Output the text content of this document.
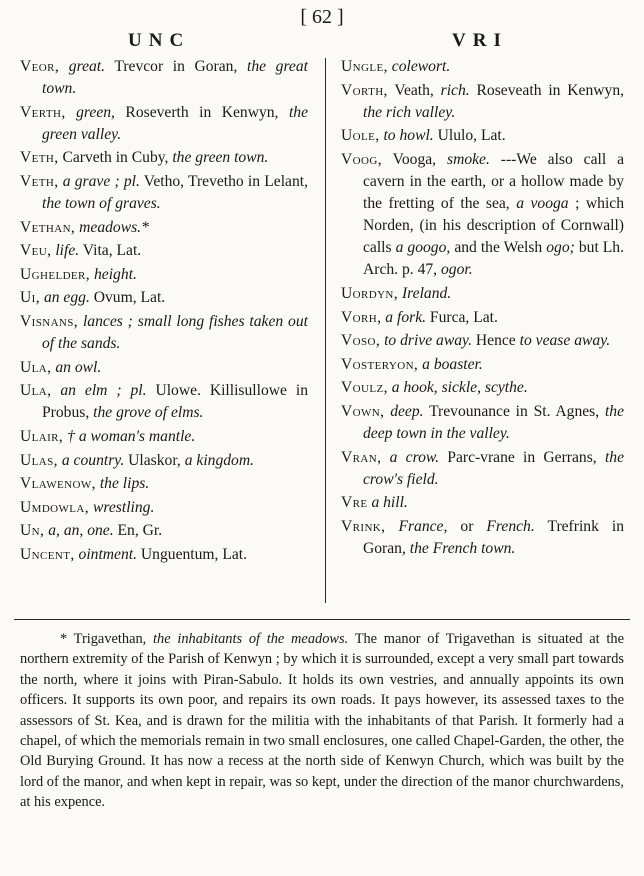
[ 62 ]
UNC	VRI

Veor, great. Trevcor in Goran, the great town.

Verth, green, Roseverth in Kenwyn, the green valley.

Veth, Carveth in Cuby, the green town.

Veth, a grave ; pl. Vetho, Trevetho in Lelant, the town of graves.

Vethan, meadows.*

Veu, life. Vita, Lat.

Ughelder, height.

Ui, an egg. Ovum, Lat.

Visnans, lances ; small long fishes taken out of the sands.

Ula, an owl.

Ula, an elm ; pl. Ulowe. Killisullowe in Probus, the grove of elms.

Ulair, † a woman's mantle.

Ulas, a country. Ulaskor, a kingdom.

Vlawenow, the lips.

Umdowla, wrestling.

Un, a, an, one. En, Gr.

Uncent, ointment. Unguentum, Lat.

Ungle, colewort.

Vorth, Veath, rich. Roseveath in Kenwyn, the rich valley.

Uole, to howl. Ululo, Lat.

Voog, Vooga, smoke. ---We also call a cavern in the earth, or a hollow made by the fretting of the sea, a vooga ; which Norden, (in his description of Cornwall) calls a googo, and the Welsh ogo; but Lh. Arch. p. 47, ogor.

Uordyn, Ireland.

Vorh, a fork. Furca, Lat.

Voso, to drive away. Hence to vease away.

Vosteryon, a boaster.

Voulz, a hook, sickle, scythe.

Vown, deep. Trevounance in St. Agnes, the deep town in the valley.

Vran, a crow. Parc-vrane in Gerrans, the crow's field.

Vre a hill.

Vrink, France, or French. Trefrink in Goran, the French town.

* Trigavethan, the inhabitants of the meadows. The manor of Trigavethan is situated at the northern extremity of the Parish of Kenwyn ; by which it is surrounded, except a very small part towards the north, where it joins with Piran-Sabulo. It holds its own vestries, and annually appoints its own officers. It supports its own poor, and repairs its own roads. It pays however, its assessed taxes to the assessors of St. Kea, and is drawn for the militia with the inhabitants of that Parish. It formerly had a chapel, of which the memorials remain in two small enclosures, one called Chapel-Garden, the other, the Old Burying Ground. It has now a recess at the north side of Kenwyn Church, which was built by the lord of the manor, and when kept in repair, was so kept, under the direction of the manor churchwardens, at his expence.
